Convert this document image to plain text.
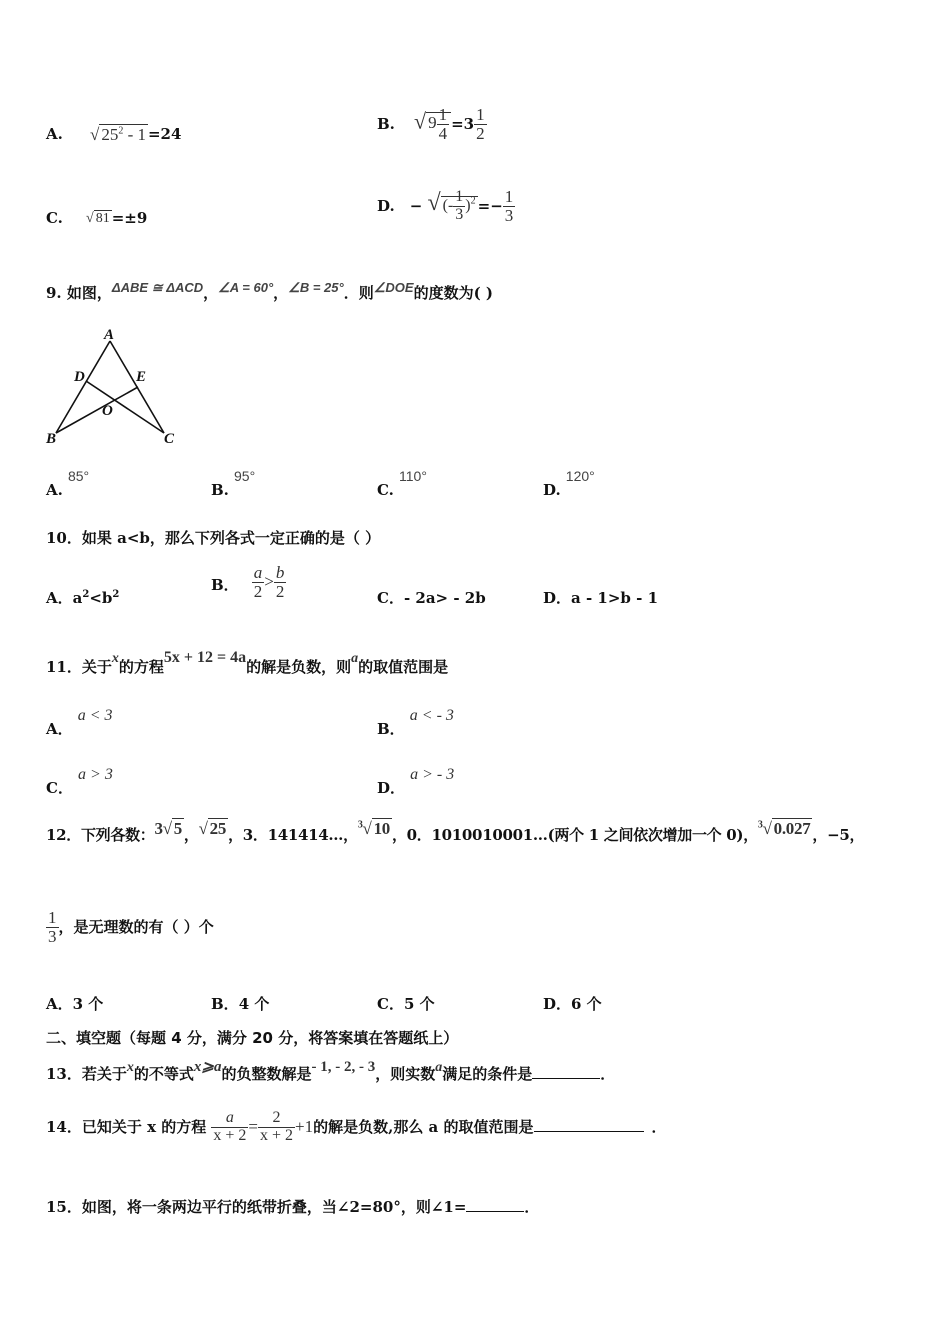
A. √ $25^2 - 1 =24$
B. √ $9 \frac{1}{4} =3 \frac{1}{2}$
C. √ 81 =±9
D. − √ (- $\frac{1}{3} )^2 =- \frac{1}{3}$
9. 如图，ΔABE ≅ ΔACD，∠A = 60°，∠B = 25°．则∠DOE的度数为( )
A
B	C
D	E
O
A. 85°
B. 95°
C. 110°
D. 120°
10．如果 a<b，那么下列各式一定正确的是（ ）
A．$a^2<b^2$
B． $\frac{a}{2} > \frac{b}{2}$	C．- 2a> - 2b	D．a - 1>b - 1
11．关于x的方程5x + 12 = 4a的解是负数，则a的取值范围是
A． a < 3
B． a < - 3
C． a > 3
D． a > - 3
12．下列各数：3√ 5 ，√ 25 ，3．141414…，$^3$√ 10 ，0．1010010001…(两个 1 之间依次增加一个 0)，$^3$√ 0.027 ，−5，
$\frac{1}{3}$ ，是无理数的有（ ）个
A．3 个	B．4 个	C．5 个	D．6 个
二、填空题（每题 4 分，满分 20 分，将答案填在答题纸上）
13．若关于x的不等式x⩾a的负整数解是- 1, - 2, - 3，则实数a满足的条件是	．
14．已知关于 x 的方程 $\frac{a}{x + 2} = \frac{2}{x + 2} +1$的解是负数,那么 a 的取值范围是	．
15．如图，将一条两边平行的纸带折叠，当∠2=80°，则∠1=	．
